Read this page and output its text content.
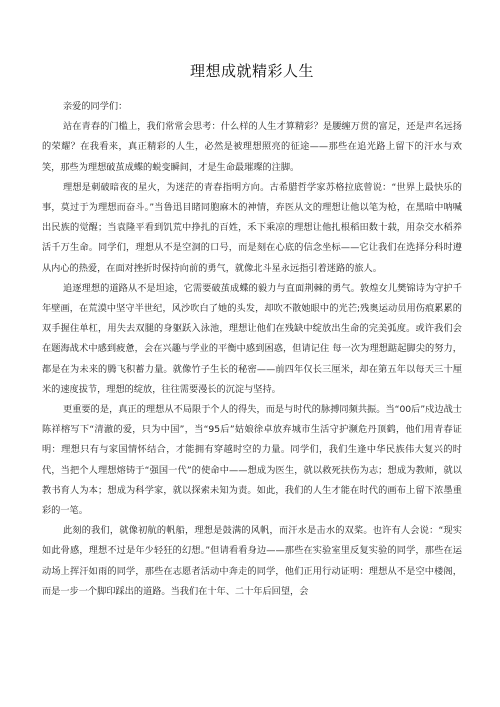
理想成就精彩人生

亲爱的同学们：

站在青春的门槛上，我们常常会思考：什么样的人生才算精彩？是腰缠万贯的富足，还是声名远扬的荣耀？在我看来，真正精彩的人生，必然是被理想照亮的征途——那些在追光路上留下的汗水与欢笑，那些为理想破茧成蝶的蜕变瞬间，才是生命最璀璨的注脚。

理想是刺破暗夜的星火，为迷茫的青春指明方向。古希腊哲学家苏格拉底曾说：“世界上最快乐的事，莫过于为理想而奋斗。”当鲁迅目睹同胞麻木的神情，弃医从文的理想让他以笔为枪，在黑暗中呐喊出民族的觉醒；当袁隆平看到饥荒中挣扎的百姓，禾下乘凉的理想让他扎根稻田数十载，用杂交水稻养活千万生命。同学们，理想从不是空洞的口号，而是刻在心底的信念坐标——它让我们在选择分科时遵从内心的热爱，在面对挫折时保持向前的勇气，就像北斗星永远指引着迷路的旅人。

追逐理想的道路从不是坦途，它需要破茧成蝶的毅力与直面荆棘的勇气。敦煌女儿樊锦诗为守护千年壁画，在荒漠中坚守半世纪，风沙吹白了她的头发，却吹不散她眼中的光芒;残奥运动员用伤痕累累的双手握住单杠，用失去双腿的身躯跃入泳池，理想让他们在残缺中绽放出生命的完美弧度。或许我们会在题海战术中感到疲惫，会在兴趣与学业的平衡中感到困惑，但请记住 每一次为理想踮起脚尖的努力，都是在为未来的腾飞积蓄力量。就像竹子生长的秘密——前四年仅长三厘米，却在第五年以每天三十厘米的速度拔节，理想的绽放，往往需要漫长的沉淀与坚持。

更重要的是，真正的理想从不局限于个人的得失，而是与时代的脉搏同频共振。当“00后”戍边战士陈祥榕写下“清澈的爱，只为中国”，当“95后”姑娘徐卓放弃城市生活守护濒危丹顶鹤，他们用青春证明：理想只有与家国情怀结合，才能拥有穿越时空的力量。同学们，我们生逢中华民族伟大复兴的时代，当把个人理想熔铸于“强国一代”的使命中——想成为医生，就以救死扶伤为志；想成为教师，就以教书育人为本；想成为科学家，就以探索未知为责。如此，我们的人生才能在时代的画布上留下浓墨重彩的一笔。

此刻的我们，就像初航的帆船，理想是鼓满的风帆，而汗水是击水的双桨。也许有人会说：“现实如此骨感，理想不过是年少轻狂的幻想。”但请看看身边——那些在实验室里反复实验的同学，那些在运动场上挥汗如雨的同学，那些在志愿者活动中奔走的同学，他们正用行动证明：理想从不是空中楼阁，而是一步一个脚印踩出的道路。当我们在十年、二十年后回望，会
